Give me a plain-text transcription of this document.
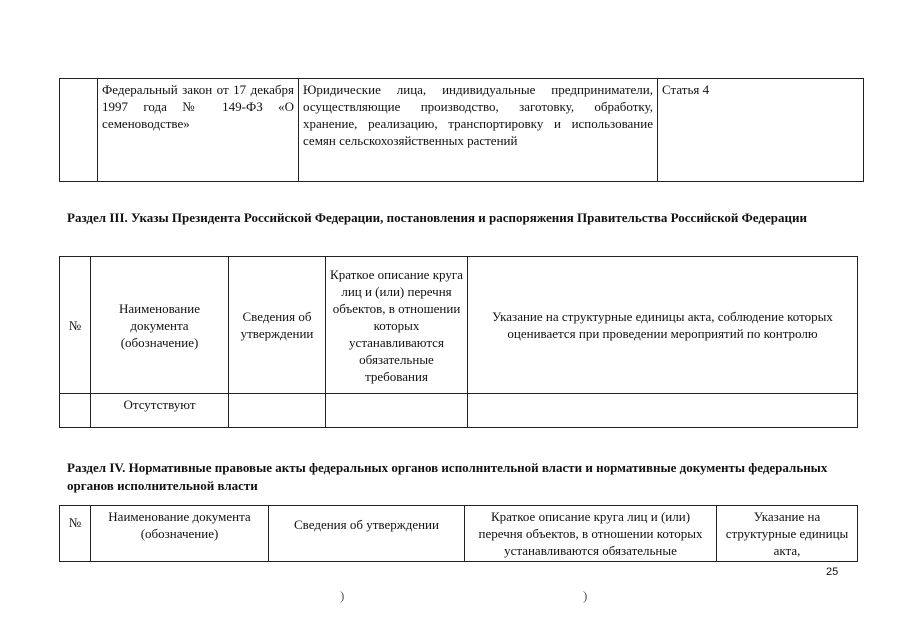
	Федеральный закон от 17 декабря 1997 года № 149-ФЗ «О семеноводстве»	Юридические лица, индивидуальные предприниматели, осуществляющие производство, заготовку, обработку, хранение, реализацию, транспортировку и использование семян сельскохозяйственных растений	Статья 4
Раздел III. Указы Президента Российской Федерации, постановления и распоряжения Правительства Российской Федерации
№	Наименование документа (обозначение)	Сведения об утверждении	Краткое описание круга лиц и (или) перечня объектов, в отношении которых устанавливаются обязательные требования	Указание на структурные единицы акта, соблюдение которых оценивается при проведении мероприятий по контролю
	Отсутствуют			
Раздел IV. Нормативные правовые акты федеральных органов исполнительной власти и нормативные документы федеральных органов исполнительной власти
№	Наименование документа (обозначение)	Сведения об утверждении	Краткое описание круга лиц и (или) перечня объектов, в отношении которых устанавливаются обязательные	Указание на структурные единицы акта,
25
)	)
